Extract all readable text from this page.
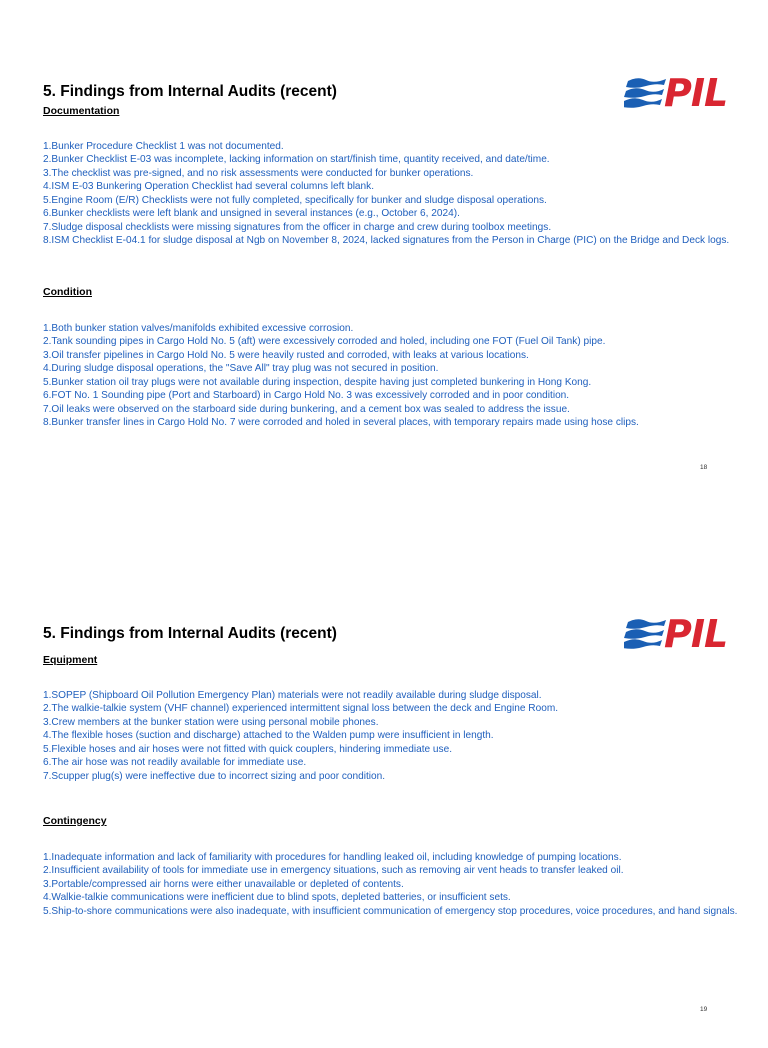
5. Findings from Internal Audits (recent)	PIL
Documentation
1.Bunker Procedure Checklist 1 was not documented.
2.Bunker Checklist E-03 was incomplete, lacking information on start/finish time, quantity received, and date/time.
3.The checklist was pre-signed, and no risk assessments were conducted for bunker operations.
4.ISM E-03 Bunkering Operation Checklist had several columns left blank.
5.Engine Room (E/R) Checklists were not fully completed, specifically for bunker and sludge disposal operations.
6.Bunker checklists were left blank and unsigned in several instances (e.g., October 6, 2024).
7.Sludge disposal checklists were missing signatures from the officer in charge and crew during toolbox meetings.
8.ISM Checklist E-04.1 for sludge disposal at Ngb on November 8, 2024, lacked signatures from the Person in Charge (PIC) on the Bridge and Deck logs.
Condition
1.Both bunker station valves/manifolds exhibited excessive corrosion.
2.Tank sounding pipes in Cargo Hold No. 5 (aft) were excessively corroded and holed, including one FOT (Fuel Oil Tank) pipe.
3.Oil transfer pipelines in Cargo Hold No. 5 were heavily rusted and corroded, with leaks at various locations.
4.During sludge disposal operations, the "Save All" tray plug was not secured in position.
5.Bunker station oil tray plugs were not available during inspection, despite having just completed bunkering in Hong Kong.
6.FOT No. 1 Sounding pipe (Port and Starboard) in Cargo Hold No. 3 was excessively corroded and in poor condition.
7.Oil leaks were observed on the starboard side during bunkering, and a cement box was sealed to address the issue.
8.Bunker transfer lines in Cargo Hold No. 7 were corroded and holed in several places, with temporary repairs made using hose clips.
18
5. Findings from Internal Audits (recent)	PIL
Equipment
1.SOPEP (Shipboard Oil Pollution Emergency Plan) materials were not readily available during sludge disposal.
2.The walkie-talkie system (VHF channel) experienced intermittent signal loss between the deck and Engine Room.
3.Crew members at the bunker station were using personal mobile phones.
4.The flexible hoses (suction and discharge) attached to the Walden pump were insufficient in length.
5.Flexible hoses and air hoses were not fitted with quick couplers, hindering immediate use.
6.The air hose was not readily available for immediate use.
7.Scupper plug(s) were ineffective due to incorrect sizing and poor condition.
Contingency
1.Inadequate information and lack of familiarity with procedures for handling leaked oil, including knowledge of pumping locations.
2.Insufficient availability of tools for immediate use in emergency situations, such as removing air vent heads to transfer leaked oil.
3.Portable/compressed air horns were either unavailable or depleted of contents.
4.Walkie-talkie communications were inefficient due to blind spots, depleted batteries, or insufficient sets.
5.Ship-to-shore communications were also inadequate, with insufficient communication of emergency stop procedures, voice procedures, and hand signals.
19
